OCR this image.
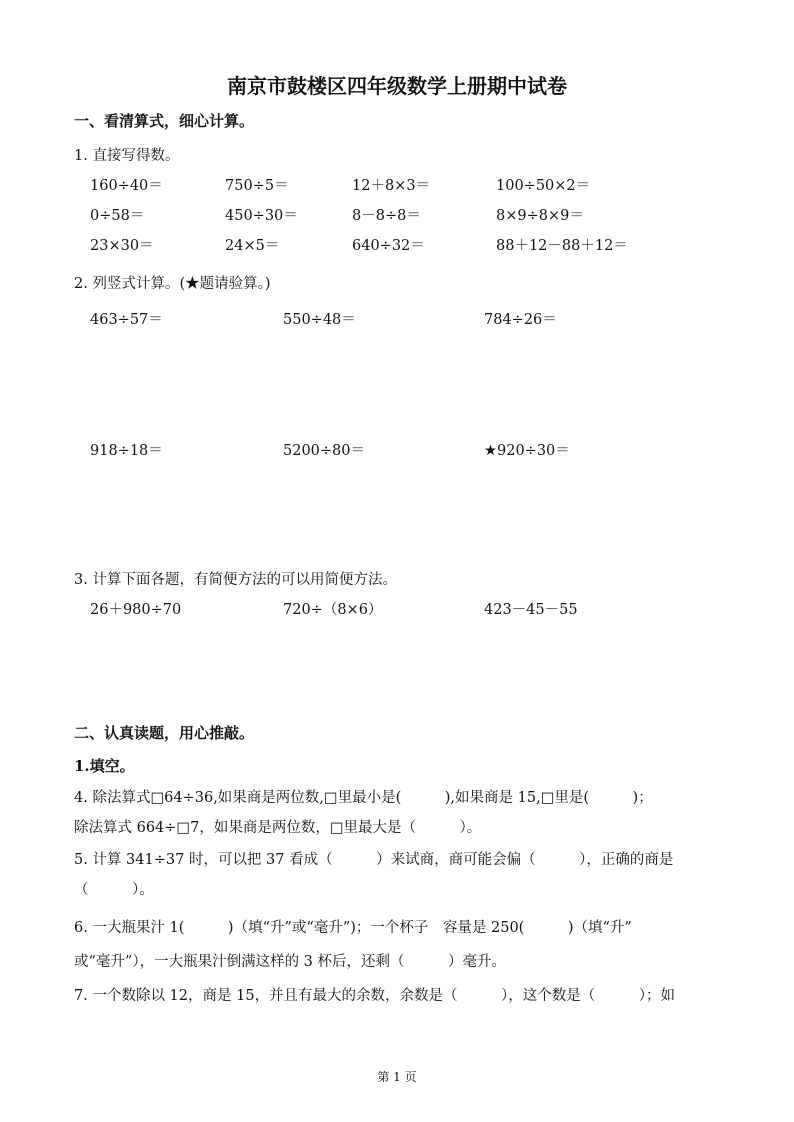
南京市鼓楼区四年级数学上册期中试卷
一、看清算式，细心计算。
1. 直接写得数。
160÷40＝	750÷5＝	12＋8×3＝	100÷50×2＝
0÷58＝	450÷30＝	8－8÷8＝	8×9÷8×9＝
23×30＝	24×5＝	640÷32＝	88＋12－88＋12＝
2. 列竖式计算。(★题请验算。)
463÷57＝	550÷48＝	784÷26＝
918÷18＝	5200÷80＝	★920÷30＝
3. 计算下面各题，有简便方法的可以用简便方法。
26＋980÷70	720÷（8×6）	423－45－55
二、认真读题，用心推敲。
1.填空。
4. 除法算式□64÷36,如果商是两位数,□里最小是(　　　),如果商是 15,□里是(　　　)；
除法算式 664÷□7，如果商是两位数，□里最大是（　　　）。
5. 计算 341÷37 时，可以把 37 看成（　　　）来试商，商可能会偏（　　　），正确的商是
（　　　）。
6. 一大瓶果汁 1(　　　)（填“升”或“毫升”)；一个杯子　容量是 250(　　　)（填“升”
或“毫升”），一大瓶果汁倒满这样的 3 杯后，还剩（　　　）毫升。
7. 一个数除以 12，商是 15，并且有最大的余数，余数是（　　　），这个数是（　　　）；如
第 1 页
